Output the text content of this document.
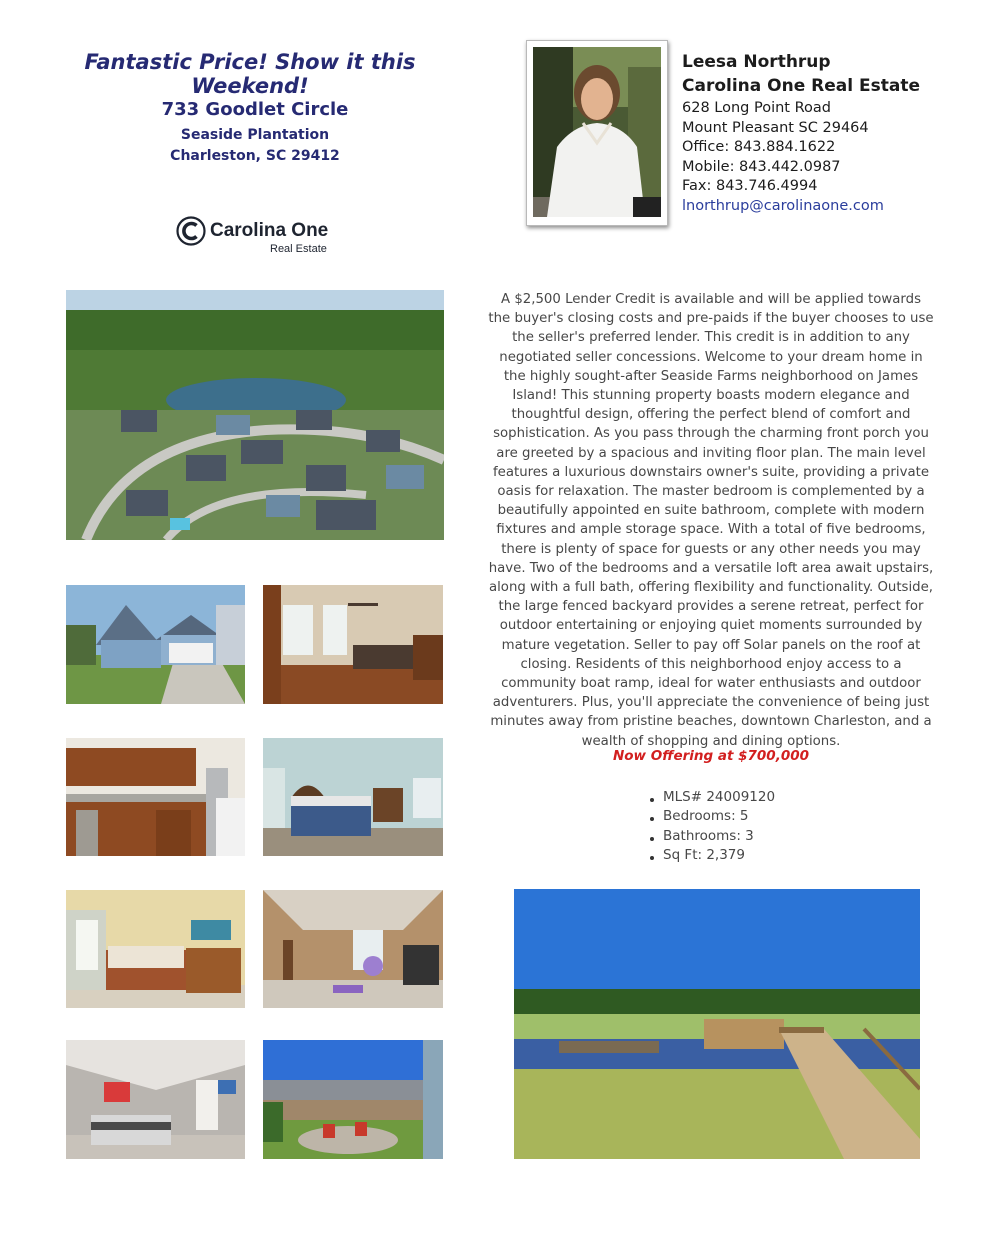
Fantastic Price! Show it this Weekend!
733 Goodlet Circle
Seaside Plantation
Charleston, SC 29412
Carolina One
Real Estate
Leesa Northrup
Carolina One Real Estate
628 Long Point Road
Mount Pleasant SC 29464
Office: 843.884.1622
Mobile: 843.442.0987
Fax: 843.746.4994
lnorthrup@carolinaone.com
A $2,500 Lender Credit is available and will be applied towards the buyer's closing costs and pre-paids if the buyer chooses to use the seller's preferred lender. This credit is in addition to any negotiated seller concessions. Welcome to your dream home in the highly sought-after Seaside Farms neighborhood on James Island! This stunning property boasts modern elegance and thoughtful design, offering the perfect blend of comfort and sophistication. As you pass through the charming front porch you are greeted by a spacious and inviting floor plan. The main level features a luxurious downstairs owner's suite, providing a private oasis for relaxation. The master bedroom is complemented by a beautifully appointed en suite bathroom, complete with modern fixtures and ample storage space. With a total of five bedrooms, there is plenty of space for guests or any other needs you may have. Two of the bedrooms and a versatile loft area await upstairs, along with a full bath, offering flexibility and functionality. Outside, the large fenced backyard provides a serene retreat, perfect for outdoor entertaining or enjoying quiet moments surrounded by mature vegetation. Seller to pay off Solar panels on the roof at closing. Residents of this neighborhood enjoy access to a community boat ramp, ideal for water enthusiasts and outdoor adventurers. Plus, you'll appreciate the convenience of being just minutes away from pristine beaches, downtown Charleston, and a wealth of shopping and dining options.
Now Offering at $700,000
MLS# 24009120
Bedrooms: 5
Bathrooms: 3
Sq Ft: 2,379
